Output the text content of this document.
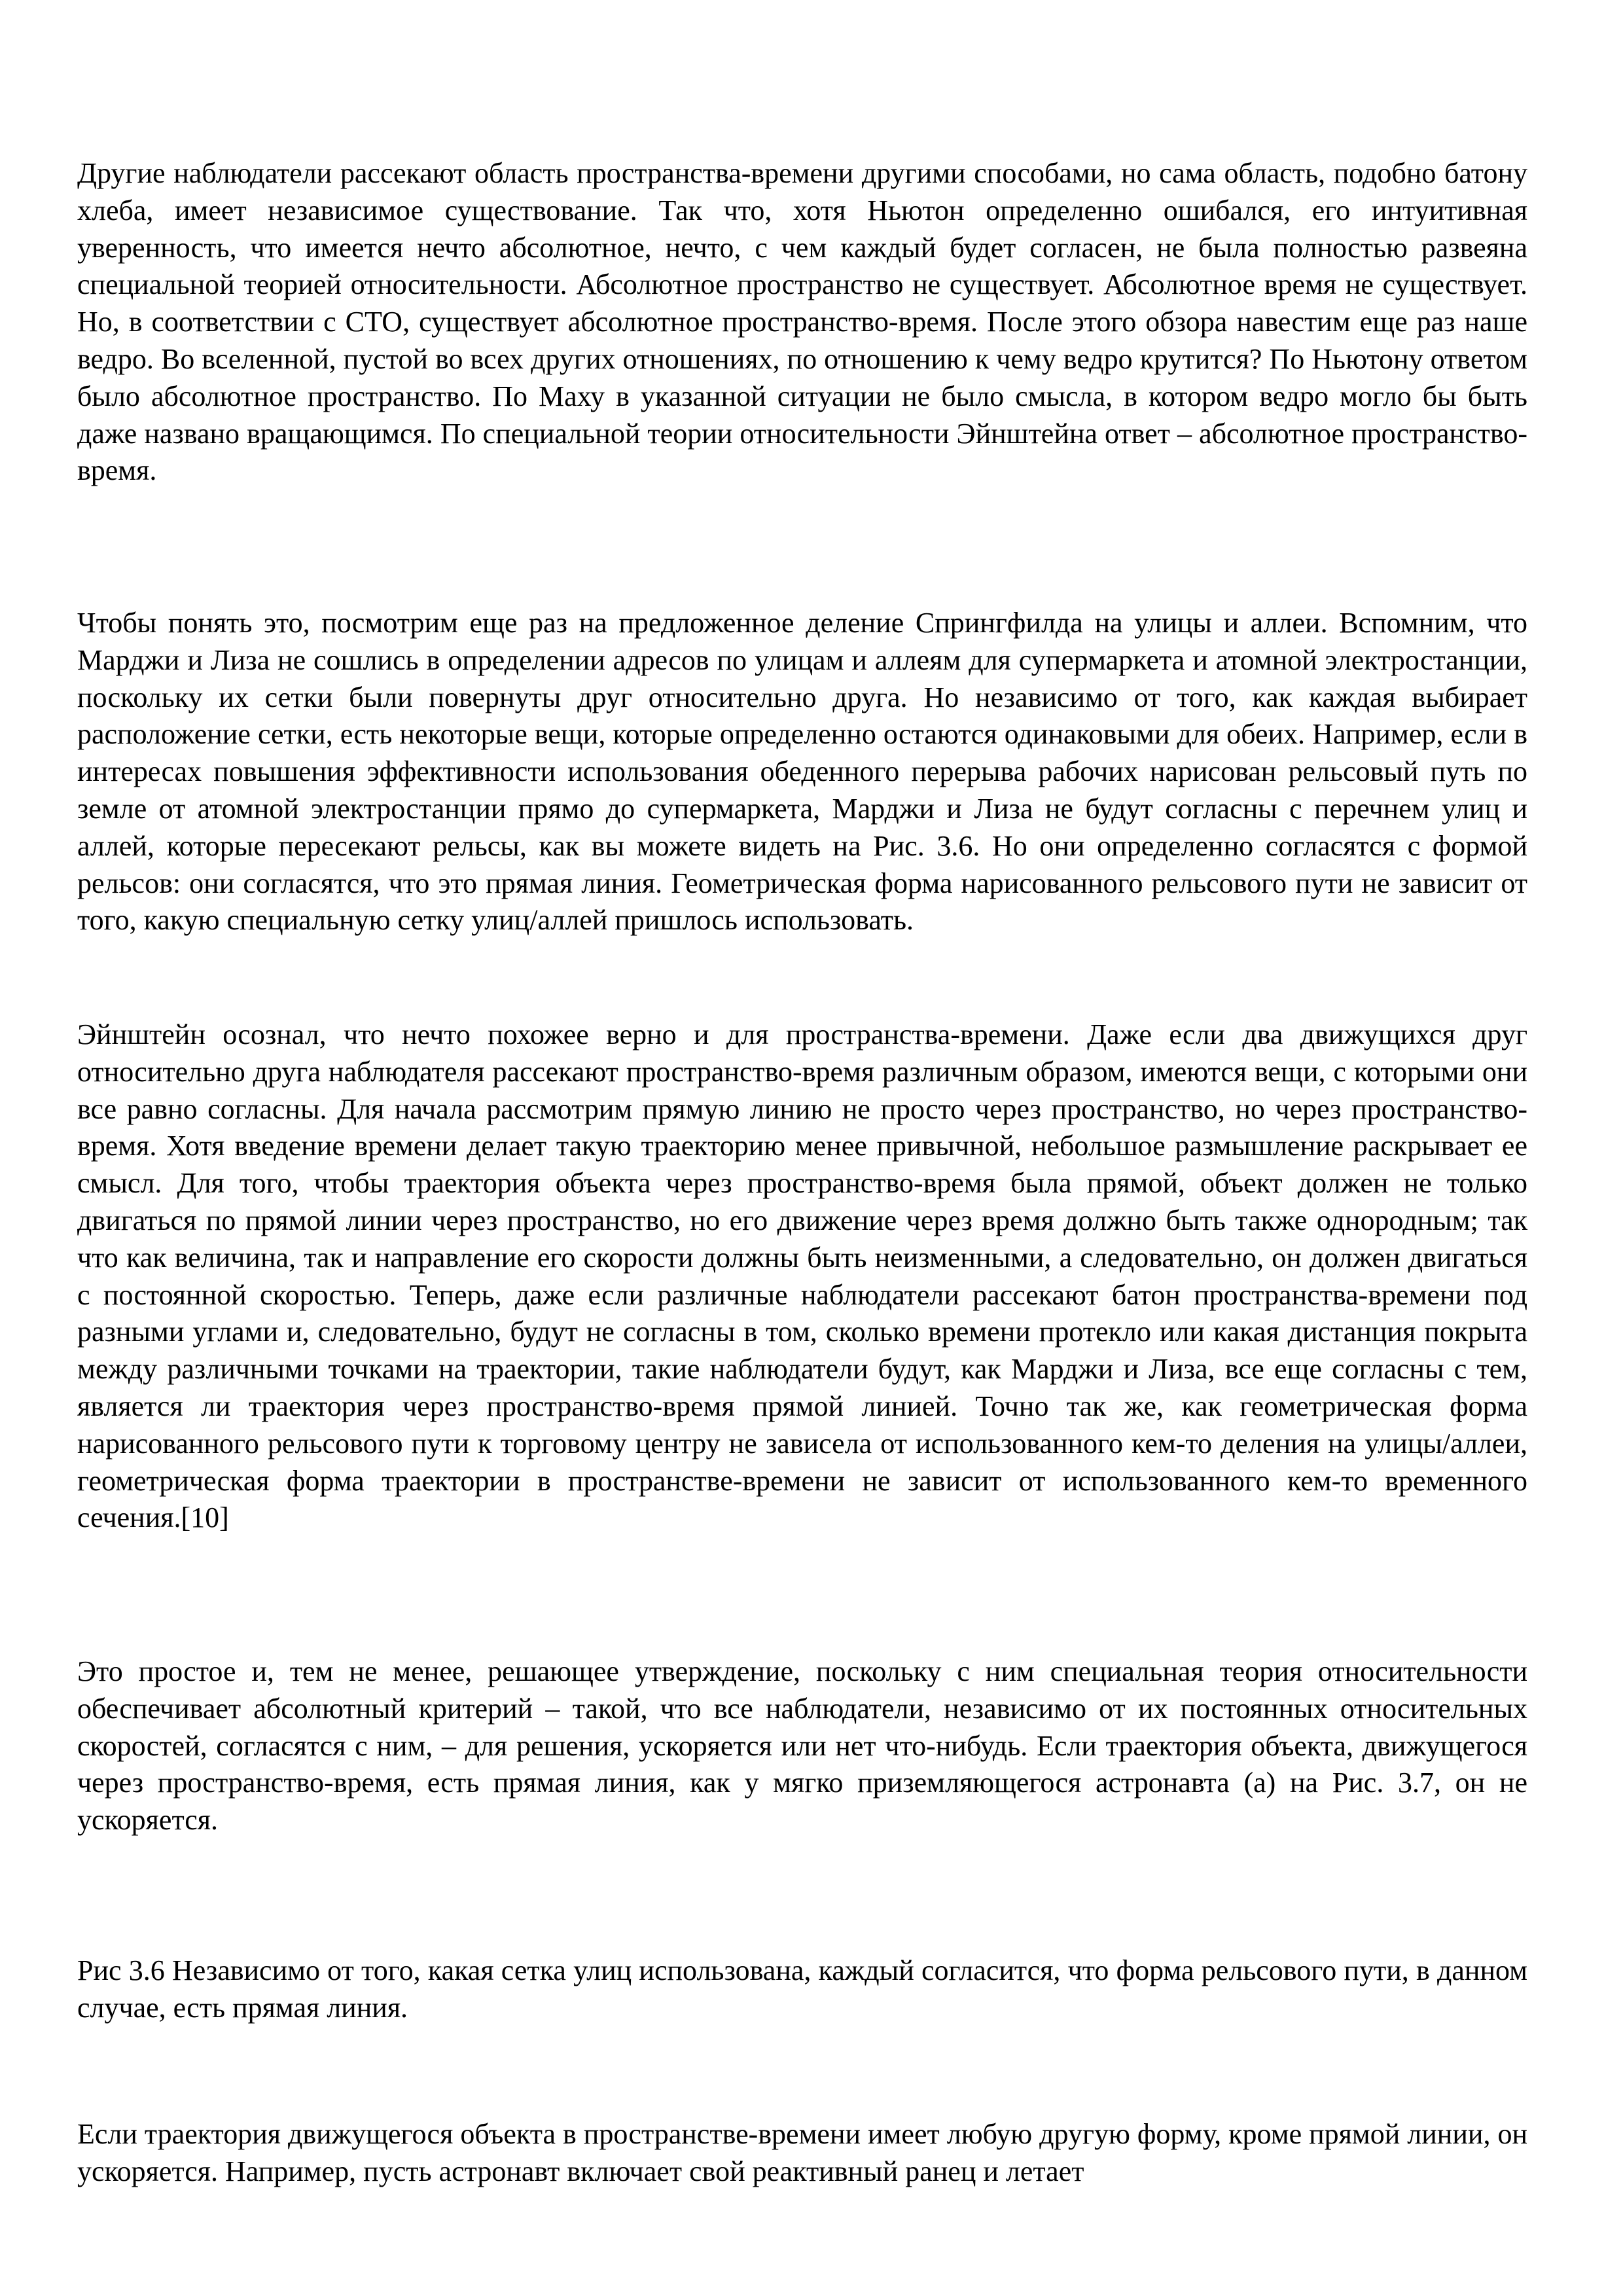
Другие наблюдатели рассекают область пространства-времени другими способами, но сама область, подобно батону хлеба, имеет независимое существование. Так что, хотя Ньютон определенно ошибался, его интуитивная уверенность, что имеется нечто абсолютное, нечто, с чем каждый будет согласен, не была полностью развеяна специальной теорией относительности. Абсолютное пространство не существует. Абсолютное время не существует. Но, в соответствии с СТО, существует абсолютное пространство-время. После этого обзора навестим еще раз наше ведро. Во вселенной, пустой во всех других отношениях, по отношению к чему ведро крутится? По Ньютону ответом было абсолютное пространство. По Маху в указанной ситуации не было смысла, в котором ведро могло бы быть даже названо вращающимся. По специальной теории относительности Эйнштейна ответ – абсолютное пространство-время.

Чтобы понять это, посмотрим еще раз на предложенное деление Спрингфилда на улицы и аллеи. Вспомним, что Марджи и Лиза не сошлись в определении адресов по улицам и аллеям для супермаркета и атомной электростанции, поскольку их сетки были повернуты друг относительно друга. Но независимо от того, как каждая выбирает расположение сетки, есть некоторые вещи, которые определенно остаются одинаковыми для обеих. Например, если в интересах повышения эффективности использования обеденного перерыва рабочих нарисован рельсовый путь по земле от атомной электростанции прямо до супермаркета, Марджи и Лиза не будут согласны с перечнем улиц и аллей, которые пересекают рельсы, как вы можете видеть на Рис. 3.6. Но они определенно согласятся с формой рельсов: они согласятся, что это прямая линия. Геометрическая форма нарисованного рельсового пути не зависит от того, какую специальную сетку улиц/аллей пришлось использовать.

Эйнштейн осознал, что нечто похожее верно и для пространства-времени. Даже если два движущихся друг относительно друга наблюдателя рассекают пространство-время различным образом, имеются вещи, с которыми они все равно согласны. Для начала рассмотрим прямую линию не просто через пространство, но через пространство-время. Хотя введение времени делает такую траекторию менее привычной, небольшое размышление раскрывает ее смысл. Для того, чтобы траектория объекта через пространство-время была прямой, объект должен не только двигаться по прямой линии через пространство, но его движение через время должно быть также однородным; так что как величина, так и направление его скорости должны быть неизменными, а следовательно, он должен двигаться с постоянной скоростью. Теперь, даже если различные наблюдатели рассекают батон пространства-времени под разными углами и, следовательно, будут не согласны в том, сколько времени протекло или какая дистанция покрыта между различными точками на траектории, такие наблюдатели будут, как Марджи и Лиза, все еще согласны с тем, является ли траектория через пространство-время прямой линией. Точно так же, как геометрическая форма нарисованного рельсового пути к торговому центру не зависела от использованного кем-то деления на улицы/аллеи, геометрическая форма траектории в пространстве-времени не зависит от использованного кем-то временного сечения.[10]

Это простое и, тем не менее, решающее утверждение, поскольку с ним специальная теория относительности обеспечивает абсолютный критерий – такой, что все наблюдатели, независимо от их постоянных относительных скоростей, согласятся с ним, – для решения, ускоряется или нет что-нибудь. Если траектория объекта, движущегося через пространство-время, есть прямая линия, как у мягко приземляющегося астронавта (а) на Рис. 3.7, он не ускоряется.

Рис 3.6 Независимо от того, какая сетка улиц использована, каждый согласится, что форма рельсового пути, в данном случае, есть прямая линия.

Если траектория движущегося объекта в пространстве-времени имеет любую другую форму, кроме прямой линии, он ускоряется. Например, пусть астронавт включает свой реактивный ранец и летает
